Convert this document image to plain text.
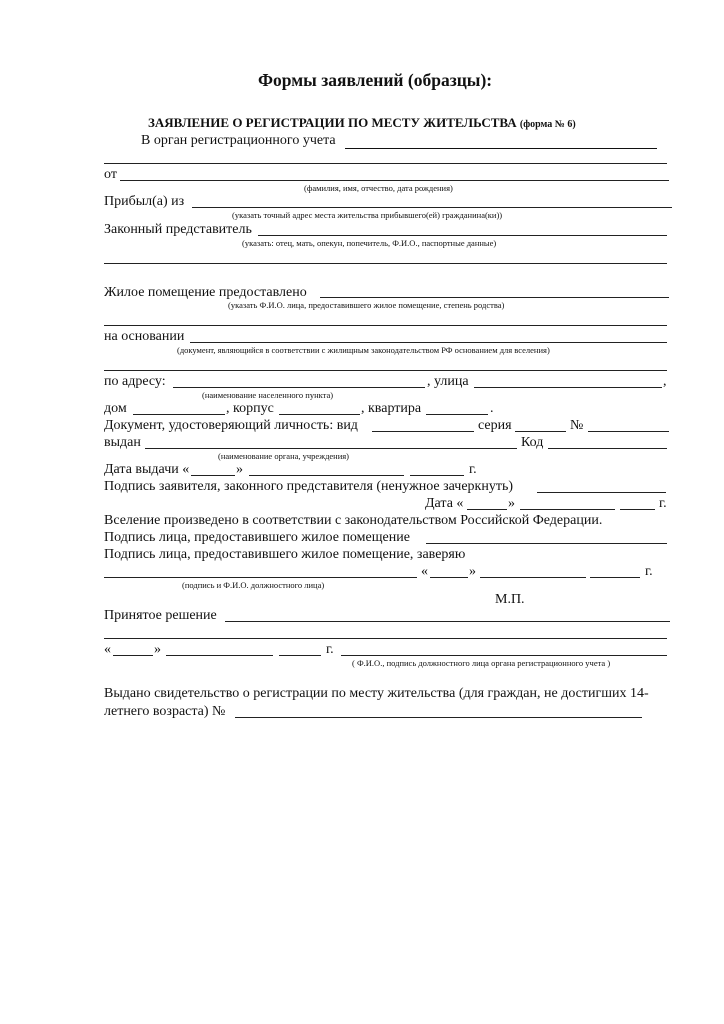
Формы заявлений (образцы):
ЗАЯВЛЕНИЕ О РЕГИСТРАЦИИ ПО МЕСТУ ЖИТЕЛЬСТВА (форма № 6)
В орган регистрационного учета
от
(фамилия, имя, отчество, дата рождения)
Прибыл(а) из
(указать точный адрес места жительства прибывшего(ей) гражданина(ки))
Законный представитель
(указать: отец, мать, опекун, попечитель, Ф.И.О., паспортные данные)
Жилое помещение предоставлено
(указать Ф.И.О. лица, предоставившего жилое помещение, степень родства)
на основании
(документ, являющийся в соответствии с жилищным законодательством РФ основанием для вселения)
по адресу:	, улица	,
(наименование населенного пункта)
дом	, корпус	, квартира	.
Документ, удостоверяющий личность: вид	серия	№
выдан	Код
(наименование органа, учреждения)
Дата выдачи «	»	г.
Подпись заявителя, законного представителя (ненужное зачеркнуть)
Дата «	»	г.
Вселение произведено в соответствии с законодательством Российской Федерации.
Подпись лица, предоставившего жилое помещение
Подпись лица, предоставившего жилое помещение, заверяю
«	»	г.
(подпись и Ф.И.О. должностного лица)
М.П.
Принятое решение
«	»	г.
( Ф.И.О., подпись должностного лица органа регистрационного учета )
Выдано свидетельство о регистрации по месту жительства (для граждан, не достигших 14-
летнего возраста) №
